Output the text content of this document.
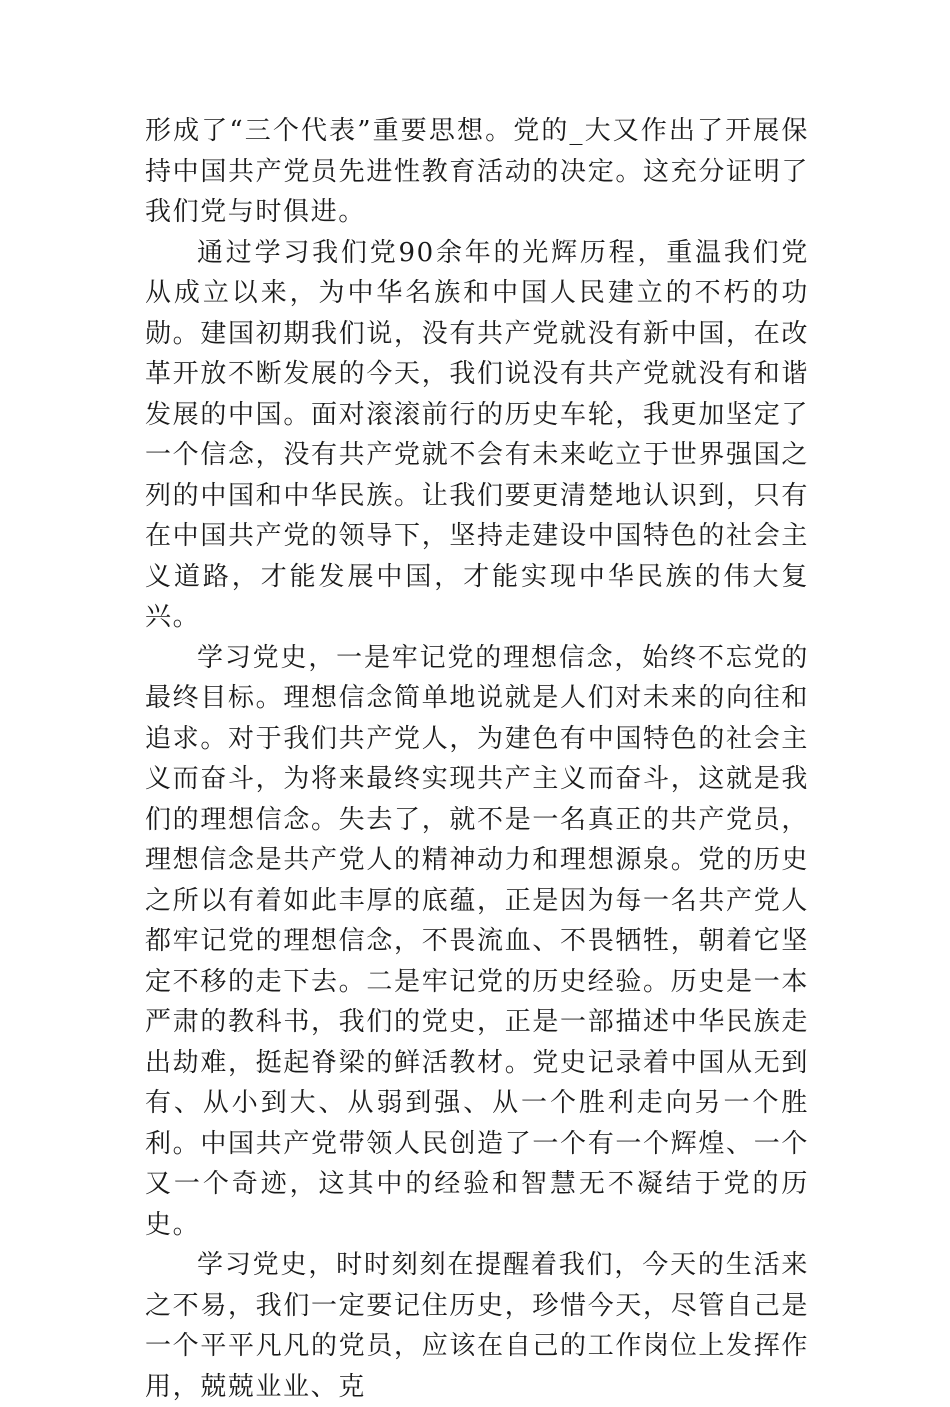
形成了“三个代表”重要思想。党的_大又作出了开展保持中国共产党员先进性教育活动的决定。这充分证明了我们党与时俱进。

通过学习我们党90余年的光辉历程，重温我们党从成立以来，为中华名族和中国人民建立的不朽的功勋。建国初期我们说，没有共产党就没有新中国，在改革开放不断发展的今天，我们说没有共产党就没有和谐发展的中国。面对滚滚前行的历史车轮，我更加坚定了一个信念，没有共产党就不会有未来屹立于世界强国之列的中国和中华民族。让我们要更清楚地认识到，只有在中国共产党的领导下，坚持走建设中国特色的社会主义道路，才能发展中国，才能实现中华民族的伟大复兴。

学习党史，一是牢记党的理想信念，始终不忘党的最终目标。理想信念简单地说就是人们对未来的向往和追求。对于我们共产党人，为建色有中国特色的社会主义而奋斗，为将来最终实现共产主义而奋斗，这就是我们的理想信念。失去了，就不是一名真正的共产党员，理想信念是共产党人的精神动力和理想源泉。党的历史之所以有着如此丰厚的底蕴，正是因为每一名共产党人都牢记党的理想信念，不畏流血、不畏牺牲，朝着它坚定不移的走下去。二是牢记党的历史经验。历史是一本严肃的教科书，我们的党史，正是一部描述中华民族走出劫难，挺起脊梁的鲜活教材。党史记录着中国从无到有、从小到大、从弱到强、从一个胜利走向另一个胜利。中国共产党带领人民创造了一个有一个辉煌、一个又一个奇迹，这其中的经验和智慧无不凝结于党的历史。

学习党史，时时刻刻在提醒着我们，今天的生活来之不易，我们一定要记住历史，珍惜今天，尽管自己是一个平平凡凡的党员，应该在自己的工作岗位上发挥作用，兢兢业业、克
